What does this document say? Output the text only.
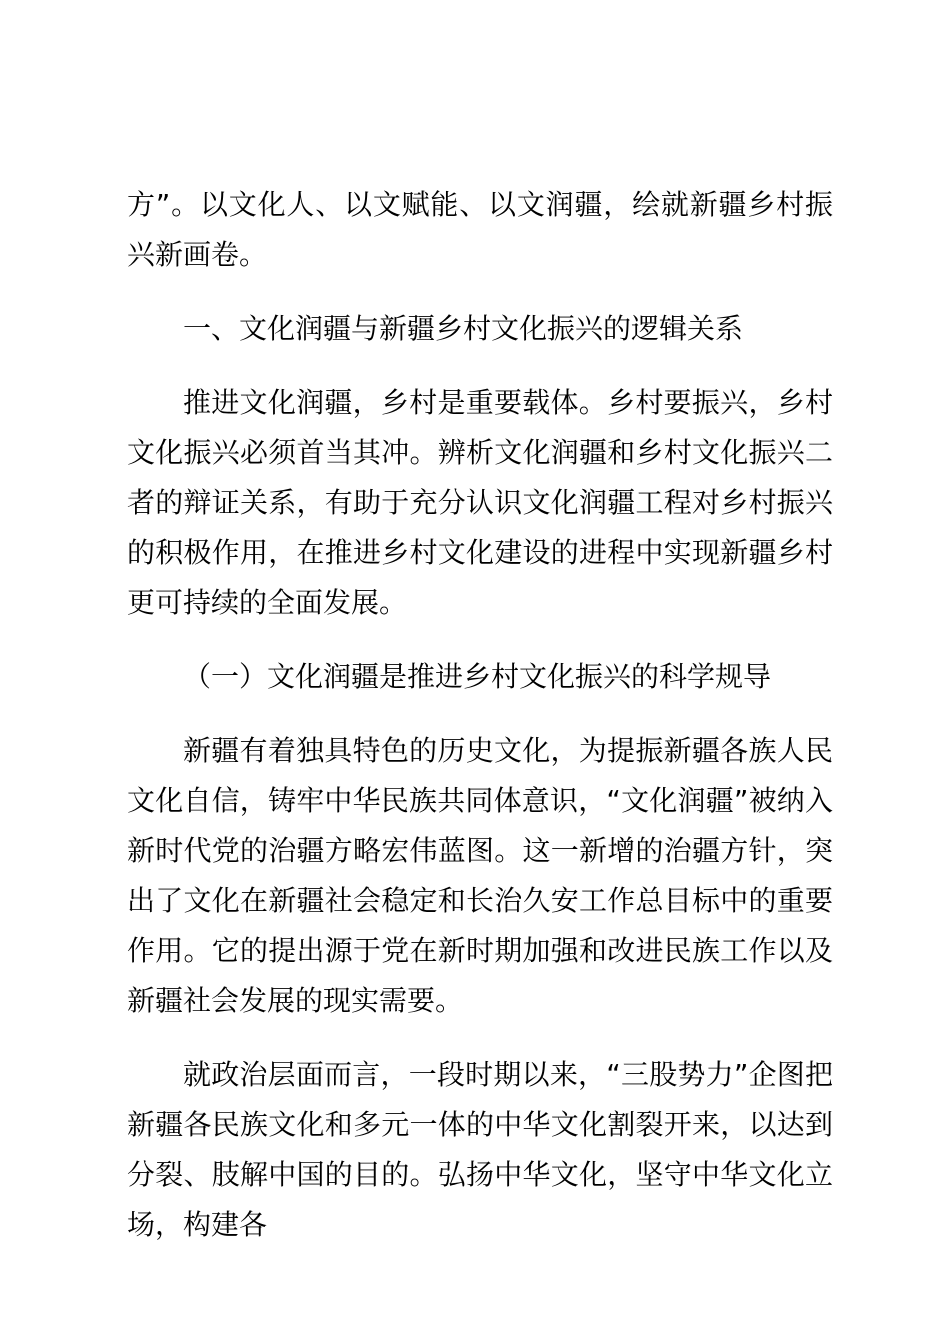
方”。以文化人、以文赋能、以文润疆，绘就新疆乡村振兴新画卷。

一、文化润疆与新疆乡村文化振兴的逻辑关系

推进文化润疆，乡村是重要载体。乡村要振兴，乡村文化振兴必须首当其冲。辨析文化润疆和乡村文化振兴二者的辩证关系，有助于充分认识文化润疆工程对乡村振兴的积极作用，在推进乡村文化建设的进程中实现新疆乡村更可持续的全面发展。

（一）文化润疆是推进乡村文化振兴的科学规导

新疆有着独具特色的历史文化，为提振新疆各族人民文化自信，铸牢中华民族共同体意识，“文化润疆”被纳入新时代党的治疆方略宏伟蓝图。这一新增的治疆方针，突出了文化在新疆社会稳定和长治久安工作总目标中的重要作用。它的提出源于党在新时期加强和改进民族工作以及新疆社会发展的现实需要。

就政治层面而言，一段时期以来，“三股势力”企图把新疆各民族文化和多元一体的中华文化割裂开来，以达到分裂、肢解中国的目的。弘扬中华文化，坚守中华文化立场，构建各
